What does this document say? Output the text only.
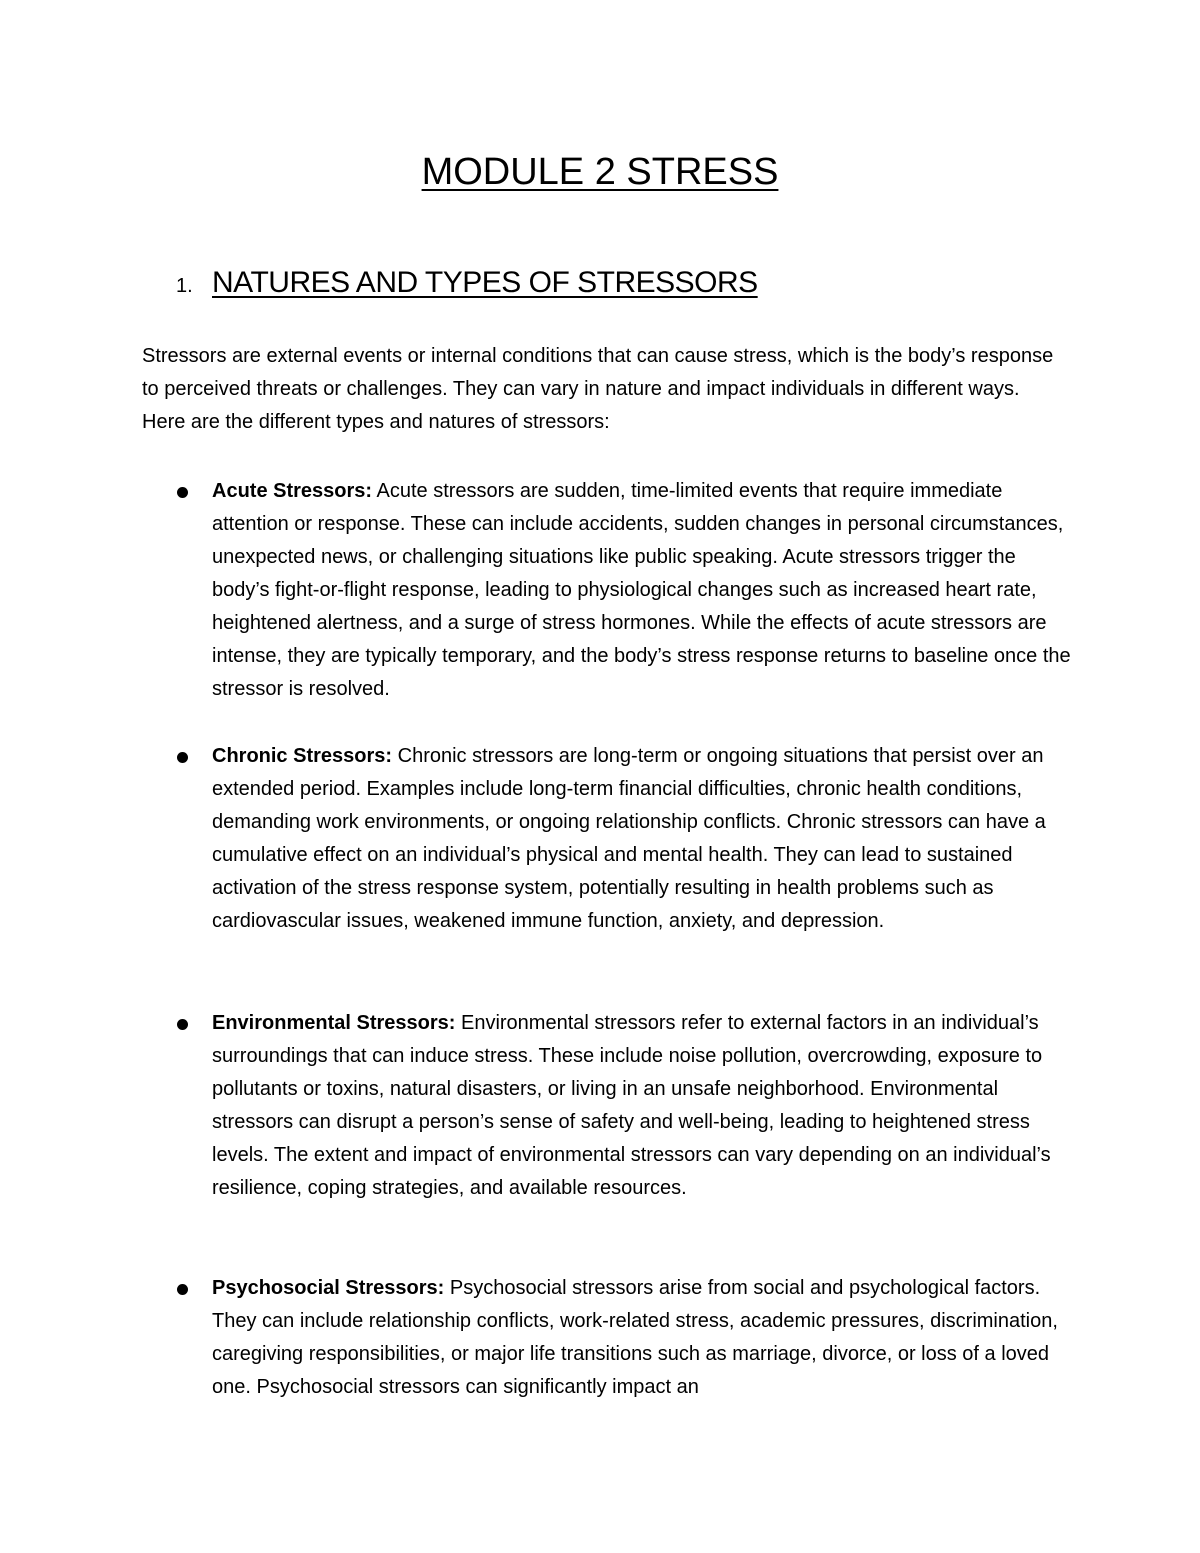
MODULE 2 STRESS
1. NATURES AND TYPES OF STRESSORS

Stressors are external events or internal conditions that can cause stress, which is the body’s response to perceived threats or challenges. They can vary in nature and impact individuals in different ways. Here are the different types and natures of stressors:

Acute Stressors: Acute stressors are sudden, time-limited events that require immediate attention or response. These can include accidents, sudden changes in personal circumstances, unexpected news, or challenging situations like public speaking. Acute stressors trigger the body’s fight-or-flight response, leading to physiological changes such as increased heart rate, heightened alertness, and a surge of stress hormones. While the effects of acute stressors are intense, they are typically temporary, and the body’s stress response returns to baseline once the stressor is resolved.
Chronic Stressors: Chronic stressors are long-term or ongoing situations that persist over an extended period. Examples include long-term financial difficulties, chronic health conditions, demanding work environments, or ongoing relationship conflicts. Chronic stressors can have a cumulative effect on an individual’s physical and mental health. They can lead to sustained activation of the stress response system, potentially resulting in health problems such as cardiovascular issues, weakened immune function, anxiety, and depression.
Environmental Stressors: Environmental stressors refer to external factors in an individual’s surroundings that can induce stress. These include noise pollution, overcrowding, exposure to pollutants or toxins, natural disasters, or living in an unsafe neighborhood. Environmental stressors can disrupt a person’s sense of safety and well-being, leading to heightened stress levels. The extent and impact of environmental stressors can vary depending on an individual’s resilience, coping strategies, and available resources.
Psychosocial Stressors: Psychosocial stressors arise from social and psychological factors. They can include relationship conflicts, work-related stress, academic pressures, discrimination, caregiving responsibilities, or major life transitions such as marriage, divorce, or loss of a loved one. Psychosocial stressors can significantly impact an
